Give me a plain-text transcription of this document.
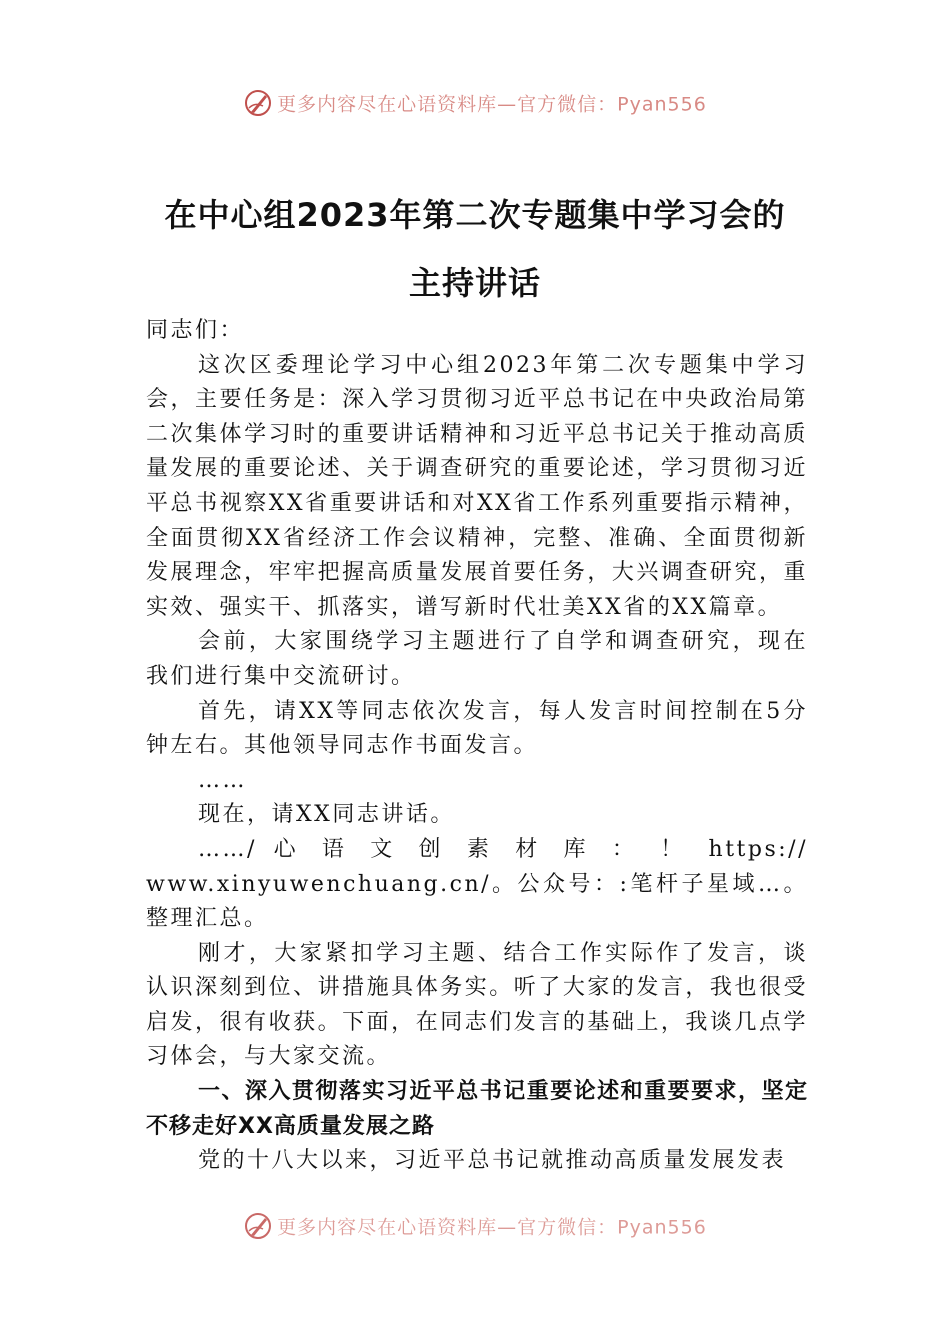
更多内容尽在心语资料库—官方微信：Pyan556
在中心组2023年第二次专题集中学习会的
主持讲话

同志们：

这次区委理论学习中心组2023年第二次专题集中学习会，主要任务是：深入学习贯彻习近平总书记在中央政治局第二次集体学习时的重要讲话精神和习近平总书记关于推动高质量发展的重要论述、关于调查研究的重要论述，学习贯彻习近平总书视察XX省重要讲话和对XX省工作系列重要指示精神，全面贯彻XX省经济工作会议精神，完整、准确、全面贯彻新发展理念，牢牢把握高质量发展首要任务，大兴调查研究，重实效、强实干、抓落实，谱写新时代壮美XX省的XX篇章。

会前，大家围绕学习主题进行了自学和调查研究，现在我们进行集中交流研讨。

首先，请XX等同志依次发言，每人发言时间控制在5分钟左右。其他领导同志作书面发言。

……

现在，请XX同志讲话。

……/ 心 语 文 创 素 材 库 ： ！ https://

www.xinyuwenchuang.cn/。公众号：:笔杆子星域…。整理汇总。

刚才，大家紧扣学习主题、结合工作实际作了发言，谈认识深刻到位、讲措施具体务实。听了大家的发言，我也很受启发，很有收获。下面，在同志们发言的基础上，我谈几点学习体会，与大家交流。

一、深入贯彻落实习近平总书记重要论述和重要要求，坚定不移走好XX高质量发展之路

党的十八大以来，习近平总书记就推动高质量发展发表

更多内容尽在心语资料库—官方微信：Pyan556
